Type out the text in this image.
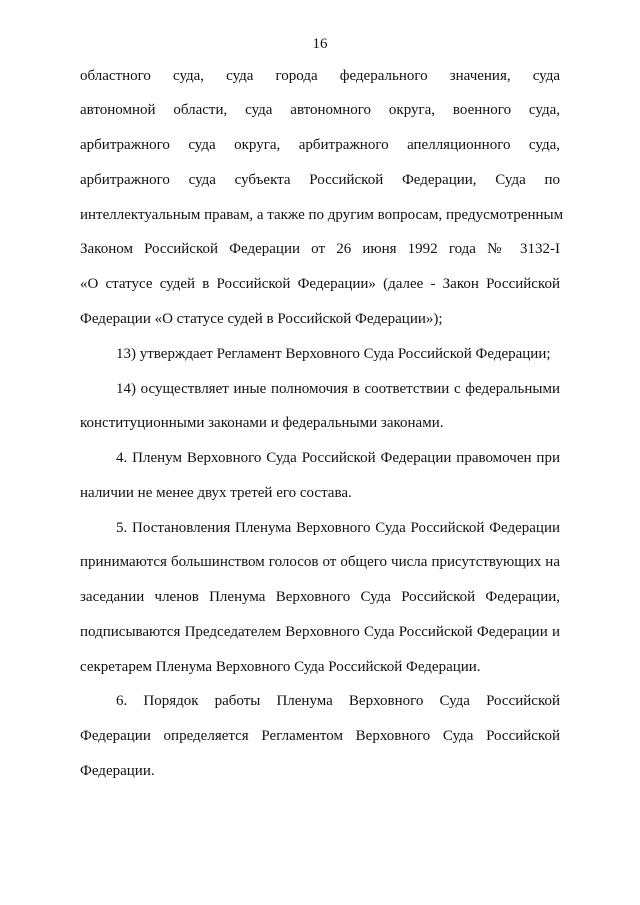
16
областного суда, суда города федерального значения, суда
автономной области, суда автономного округа, военного суда,
арбитражного суда округа, арбитражного апелляционного суда,
арбитражного суда субъекта Российской Федерации, Суда по
интеллектуальным правам, а также по другим вопросам, предусмотренным
Законом Российской Федерации от 26 июня 1992 года № 3132-I
«О статусе судей в Российской Федерации» (далее - Закон Российской
Федерации «О статусе судей в Российской Федерации»);
13) утверждает Регламент Верховного Суда Российской Федерации;
14) осуществляет иные полномочия в соответствии с федеральными
конституционными законами и федеральными законами.
4. Пленум Верховного Суда Российской Федерации правомочен при
наличии не менее двух третей его состава.
5. Постановления Пленума Верховного Суда Российской Федерации
принимаются большинством голосов от общего числа присутствующих на
заседании членов Пленума Верховного Суда Российской Федерации,
подписываются Председателем Верховного Суда Российской Федерации и
секретарем Пленума Верховного Суда Российской Федерации.
6. Порядок работы Пленума Верховного Суда Российской
Федерации определяется Регламентом Верховного Суда Российской
Федерации.
